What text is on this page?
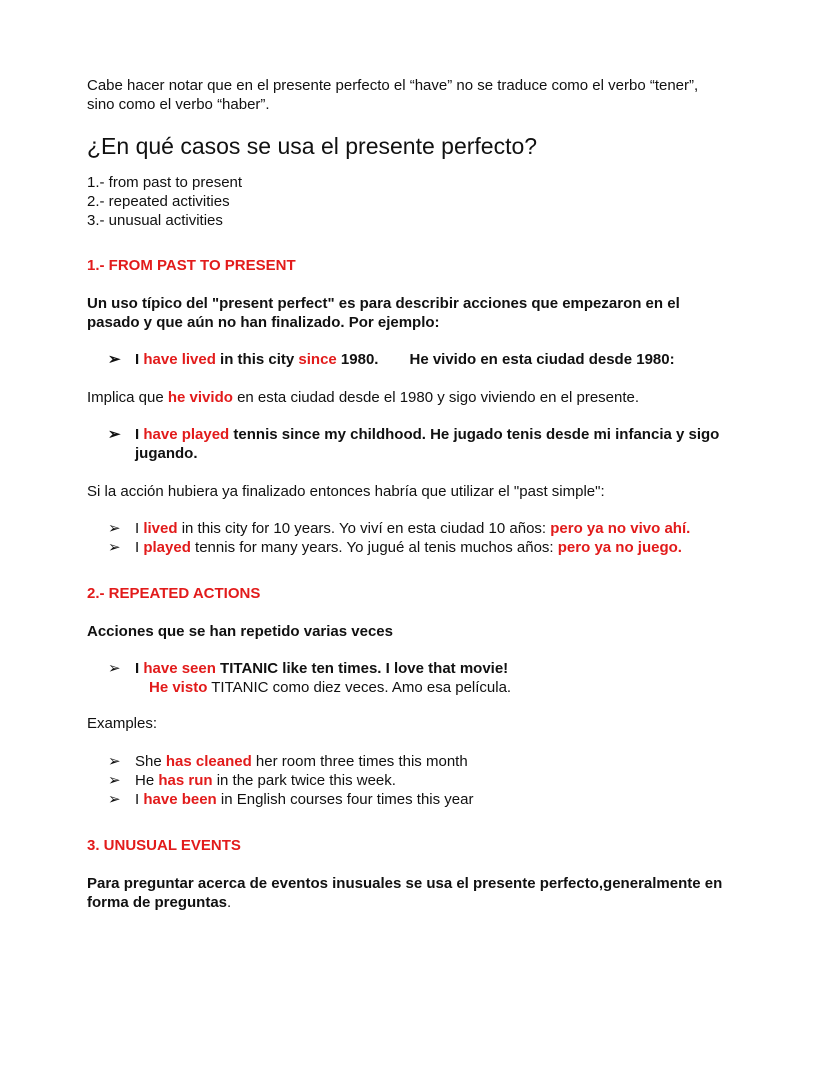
Cabe hacer notar que en el presente perfecto el “have” no se traduce como el verbo “tener”,

sino como el verbo “haber”.

¿En qué casos se usa el presente perfecto?

1.- from past to present

2.- repeated activities

3.- unusual activities

1.- FROM PAST TO PRESENT

Un uso típico del "present perfect" es para describir acciones que empezaron en el

pasado y que aún no han finalizado. Por ejemplo:

➢ I have lived in this city since 1980. He vivido en esta ciudad desde 1980:

Implica que he vivido en esta ciudad desde el 1980 y sigo viviendo en el presente.

➢ I have played tennis since my childhood. He jugado tenis desde mi infancia y sigo
jugando.

Si la acción hubiera ya finalizado entonces habría que utilizar el "past simple":

➢ I lived in this city for 10 years. Yo viví en esta ciudad 10 años: pero ya no vivo ahí.
➢ I played tennis for many years. Yo jugué al tenis muchos años: pero ya no juego.

2.- REPEATED ACTIONS

Acciones que se han repetido varias veces

➢ I have seen TITANIC like ten times. I love that movie!
He visto TITANIC como diez veces. Amo esa película.

Examples:

➢ She has cleaned her room three times this month
➢ He has run in the park twice this week.
➢ I have been in English courses four times this year

3. UNUSUAL EVENTS

Para preguntar acerca de eventos inusuales se usa el presente perfecto,generalmente en

forma de preguntas.
